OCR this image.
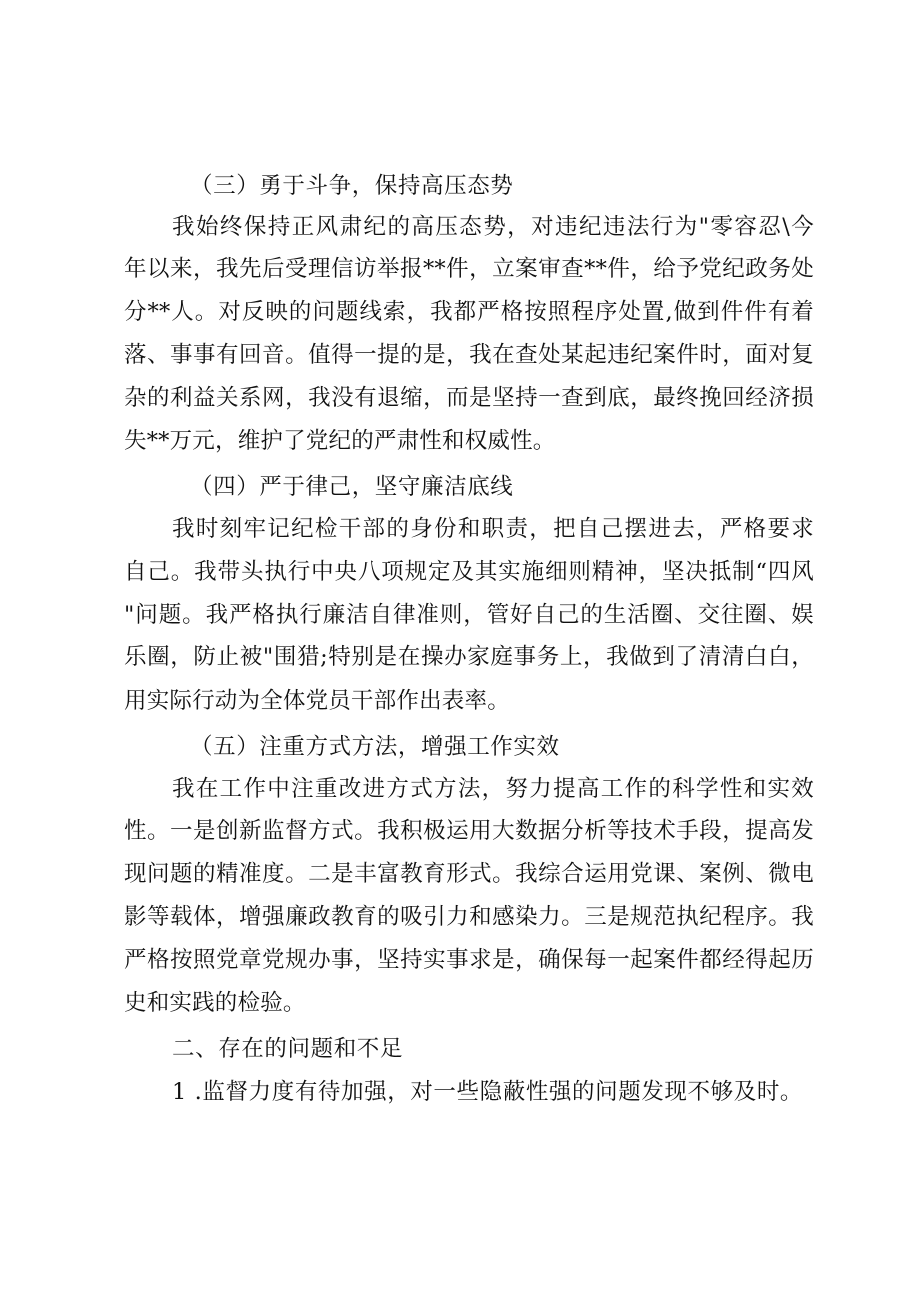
（三）勇于斗争，保持高压态势
我始终保持正风肃纪的高压态势，对违纪违法行为"零容忍\今
年以来，我先后受理信访举报**件，立案审查**件，给予党纪政务处
分**人。对反映的问题线索，我都严格按照程序处置,做到件件有着
落、事事有回音。值得一提的是，我在查处某起违纪案件时，面对复
杂的利益关系网，我没有退缩，而是坚持一查到底，最终挽回经济损
失**万元，维护了党纪的严肃性和权威性。
（四）严于律己，坚守廉洁底线
我时刻牢记纪检干部的身份和职责，把自己摆进去，严格要求
自己。我带头执行中央八项规定及其实施细则精神，坚决抵制“四风
"问题。我严格执行廉洁自律准则，管好自己的生活圈、交往圈、娱
乐圈，防止被"围猎;特别是在操办家庭事务上，我做到了清清白白，
用实际行动为全体党员干部作出表率。
（五）注重方式方法，增强工作实效
我在工作中注重改进方式方法，努力提高工作的科学性和实效
性。一是创新监督方式。我积极运用大数据分析等技术手段，提高发
现问题的精准度。二是丰富教育形式。我综合运用党课、案例、微电
影等载体，增强廉政教育的吸引力和感染力。三是规范执纪程序。我
严格按照党章党规办事，坚持实事求是，确保每一起案件都经得起历
史和实践的检验。
二、存在的问题和不足
1 .监督力度有待加强，对一些隐蔽性强的问题发现不够及时。
